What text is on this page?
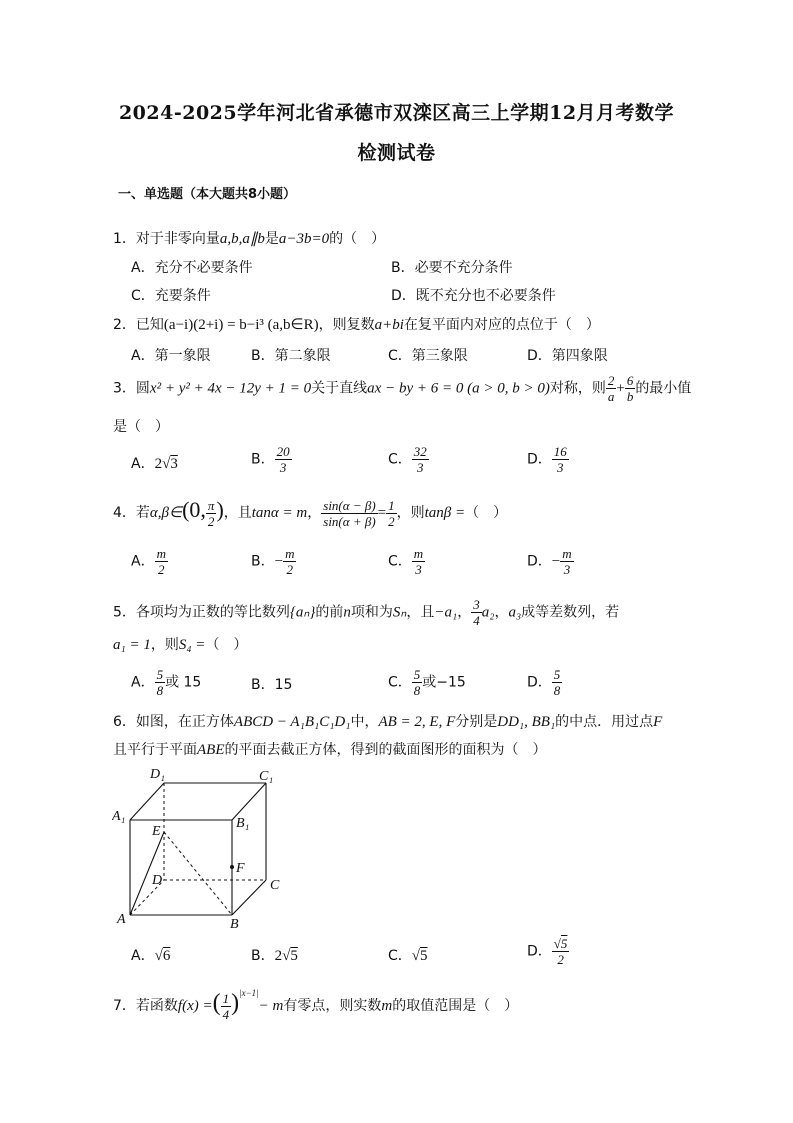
2024-2025学年河北省承德市双滦区高三上学期12月月考数学
检测试卷
一、单选题（本大题共8小题）
1．对于非零向量a,b,a∥b是a−3b=0的（　）
A．充分不必要条件	B．必要不充分条件
C．充要条件	D．既不充分也不必要条件
2．已知(a−i)(2+i) = b−i³ (a,b∈R)，则复数a+bi在复平面内对应的点位于（　）
A．第一象限	B．第二象限	C．第三象限	D．第四象限
3．圆x² + y² + 4x − 12y + 1 = 0关于直线ax − by + 6 = 0 (a > 0, b > 0)对称，则 $\frac{2}{a} + \frac{6}{b}$ 的最小值
是（　）
A．2√3	B． $\frac{20}{3}$	C． $\frac{32}{3}$	D． $\frac{16}{3}$
4．若α,β∈(0, $\frac{\pi}{2}$ )，且tanα = m， $\frac{\sin(\alpha - \beta)}{\sin(\alpha + \beta)} = \frac{1}{2}$ ，则tanβ =（　）
A． $\frac{m}{2}$	B．− $\frac{m}{2}$	C． $\frac{m}{3}$	D．− $\frac{m}{3}$
5．各项均为正数的等比数列{aₙ}的前n项和为Sₙ，且−a₁， $\frac{3}{4} a_2$，a₃成等差数列，若
a₁ = 1，则S₄ =（　）
A． $\frac{5}{8}$ 或 15	B．15	C． $\frac{5}{8}$ 或−15	D． $\frac{5}{8}$
6．如图，在正方体ABCD − A₁B₁C₁D₁中，AB = 2, E, F分别是DD₁, BB₁的中点．用过点F
且平行于平面ABE的平面去截正方体，得到的截面图形的面积为（　）
D₁	C₁
A₁	B₁
E
F
D	C
A	B
A．√6	B．2√5	C．√5	D． $\frac{√5}{2}$
7．若函数f(x) =( $\frac{1}{4} )^{|x-1|}- m$有零点，则实数m的取值范围是（　）
